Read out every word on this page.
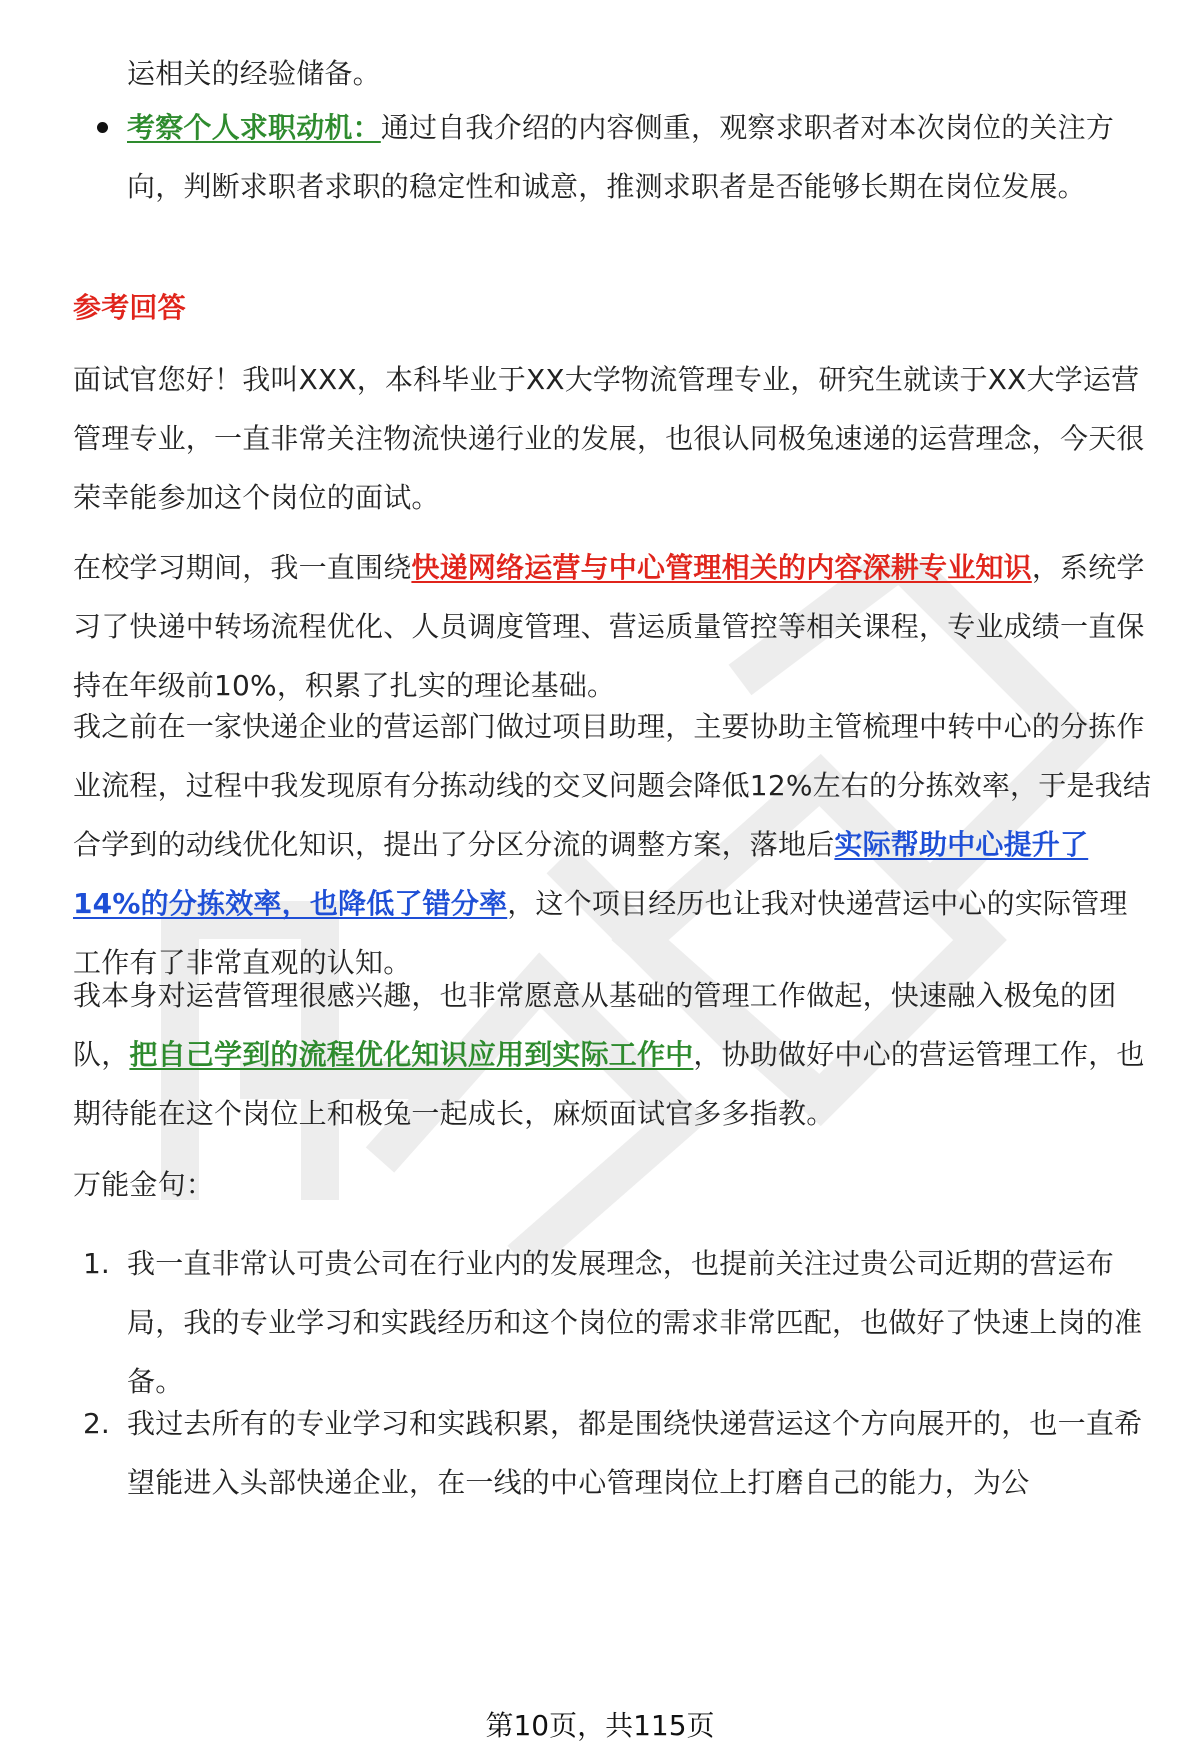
运相关的经验储备。

考察个人求职动机：通过自我介绍的内容侧重，观察求职者对本次岗位的关注方向，判断求职者求职的稳定性和诚意，推测求职者是否能够长期在岗位发展。

参考回答

面试官您好！我叫XXX，本科毕业于XX大学物流管理专业，研究生就读于XX大学运营管理专业，一直非常关注物流快递行业的发展，也很认同极兔速递的运营理念，今天很荣幸能参加这个岗位的面试。

在校学习期间，我一直围绕快递网络运营与中心管理相关的内容深耕专业知识，系统学习了快递中转场流程优化、人员调度管理、营运质量管控等相关课程，专业成绩一直保持在年级前10%，积累了扎实的理论基础。

我之前在一家快递企业的营运部门做过项目助理，主要协助主管梳理中转中心的分拣作业流程，过程中我发现原有分拣动线的交叉问题会降低12%左右的分拣效率，于是我结合学到的动线优化知识，提出了分区分流的调整方案，落地后实际帮助中心提升了14%的分拣效率，也降低了错分率，这个项目经历也让我对快递营运中心的实际管理工作有了非常直观的认知。

我本身对运营管理很感兴趣，也非常愿意从基础的管理工作做起，快速融入极兔的团队，把自己学到的流程优化知识应用到实际工作中，协助做好中心的营运管理工作，也期待能在这个岗位上和极兔一起成长，麻烦面试官多多指教。

万能金句：

1. 我一直非常认可贵公司在行业内的发展理念，也提前关注过贵公司近期的营运布局，我的专业学习和实践经历和这个岗位的需求非常匹配，也做好了快速上岗的准备。

2. 我过去所有的专业学习和实践积累，都是围绕快递营运这个方向展开的，也一直希望能进入头部快递企业，在一线的中心管理岗位上打磨自己的能力，为公

第10页，共115页
